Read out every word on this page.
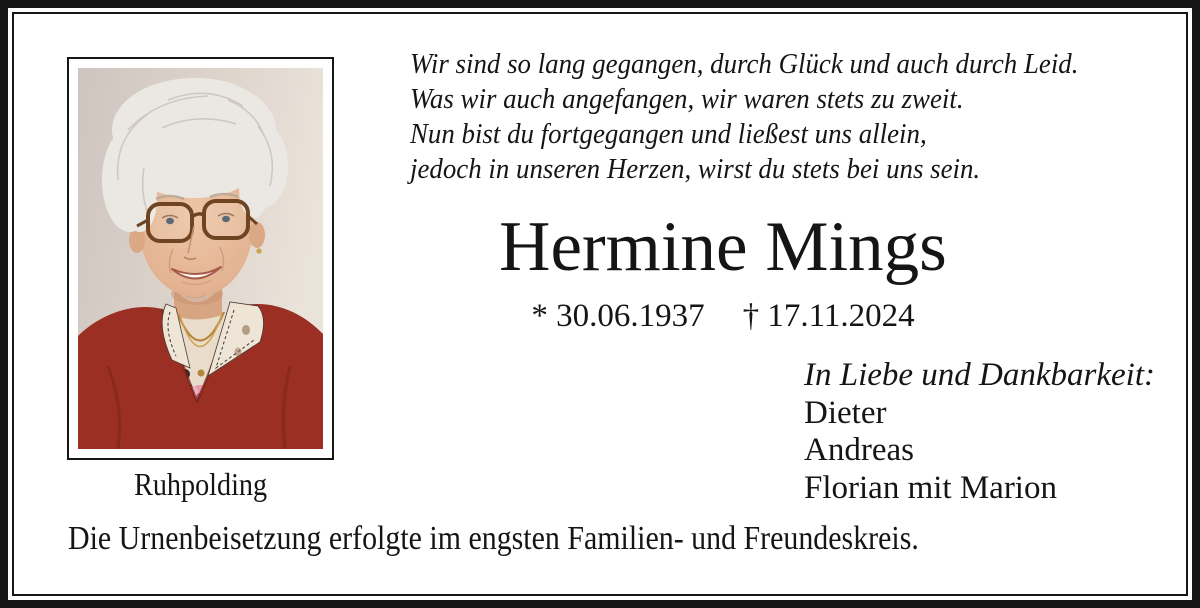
Wir sind so lang gegangen, durch Glück und auch durch Leid.
Was wir auch angefangen, wir waren stets zu zweit.
Nun bist du fortgegangen und ließest uns allein,
jedoch in unseren Herzen, wirst du stets bei uns sein.
Hermine Mings
* 30.06.1937 † 17.11.2024
In Liebe und Dankbarkeit:
Dieter
Andreas
Florian mit Marion
Ruhpolding
Die Urnenbeisetzung erfolgte im engsten Familien- und Freundeskreis.
